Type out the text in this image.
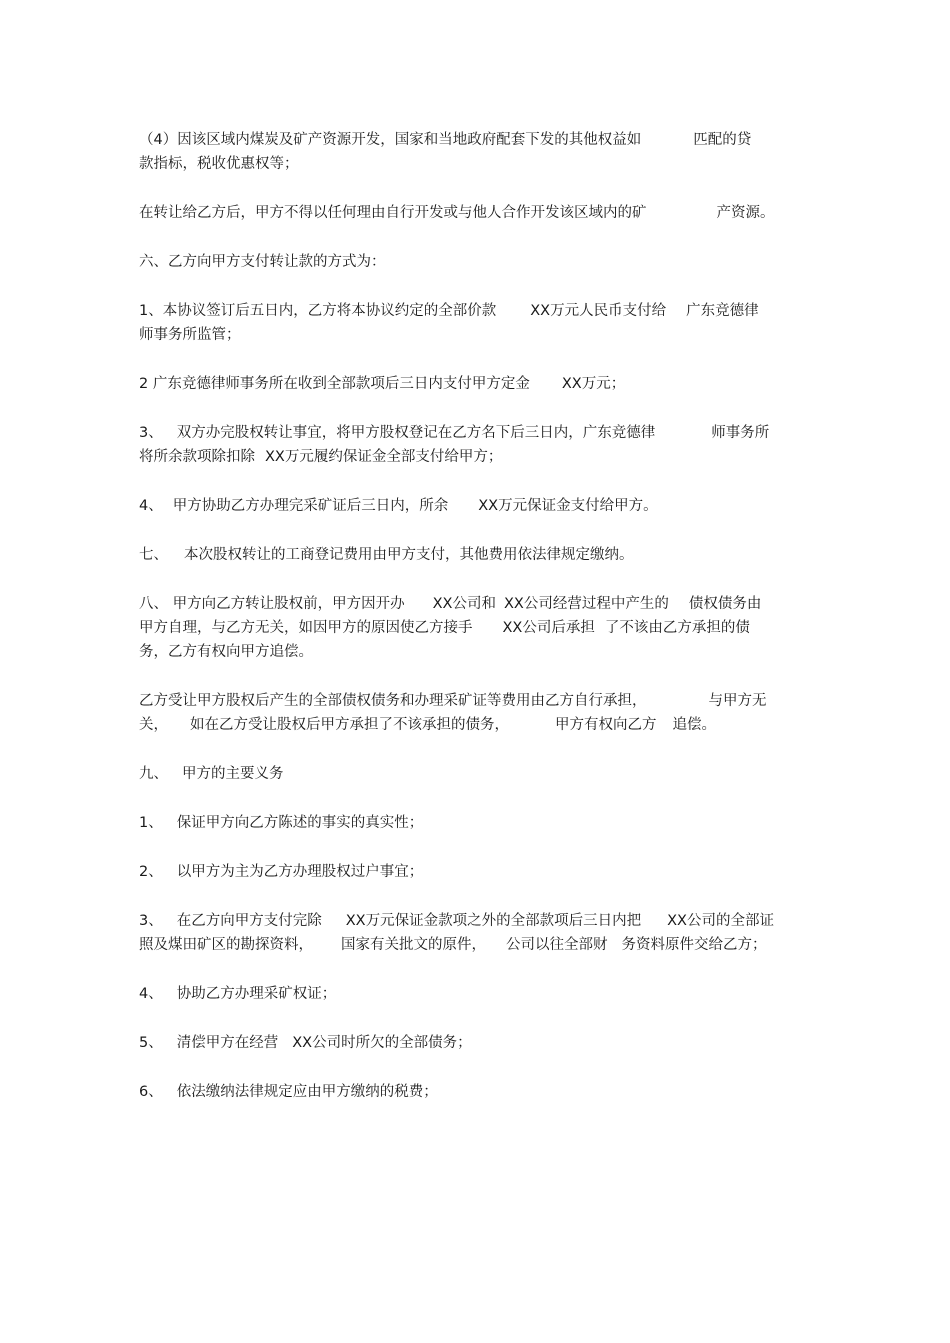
（4）因该区域内煤炭及矿产资源开发，国家和当地政府配套下发的其他权益如	匹配的贷
款指标，税收优惠权等；
在转让给乙方后，甲方不得以任何理由自行开发或与他人合作开发该区域内的矿	产资源。
六、乙方向甲方支付转让款的方式为：
1、本协议签订后五日内，乙方将本协议约定的全部价款 XX万元人民币支付给 广东竞德律
师事务所监管；
2 广东竞德律师事务所在收到全部款项后三日内支付甲方定金 XX万元；
3、 双方办完股权转让事宜，将甲方股权登记在乙方名下后三日内，广东竞德律	师事务所
将所余款项除扣除 XX万元履约保证金全部支付给甲方；
4、 甲方协助乙方办理完采矿证后三日内，所余 XX万元保证金支付给甲方。
七、 本次股权转让的工商登记费用由甲方支付，其他费用依法律规定缴纳。
八、 甲方向乙方转让股权前，甲方因开办 XX公司和 XX公司经营过程中产生的 债权债务由
甲方自理，与乙方无关，如因甲方的原因使乙方接手 XX公司后承担 了不该由乙方承担的债
务，乙方有权向甲方追偿。
乙方受让甲方股权后产生的全部债权债务和办理采矿证等费用由乙方自行承担，	与甲方无
关， 如在乙方受让股权后甲方承担了不该承担的债务，	甲方有权向乙方 追偿。
九、 甲方的主要义务
1、 保证甲方向乙方陈述的事实的真实性；
2、 以甲方为主为乙方办理股权过户事宜；
3、 在乙方向甲方支付完除 XX万元保证金款项之外的全部款项后三日内把 XX公司的全部证
照及煤田矿区的勘探资料， 国家有关批文的原件， 公司以往全部财 务资料原件交给乙方；
4、 协助乙方办理采矿权证；
5、 清偿甲方在经营 XX公司时所欠的全部债务；
6、 依法缴纳法律规定应由甲方缴纳的税费；
